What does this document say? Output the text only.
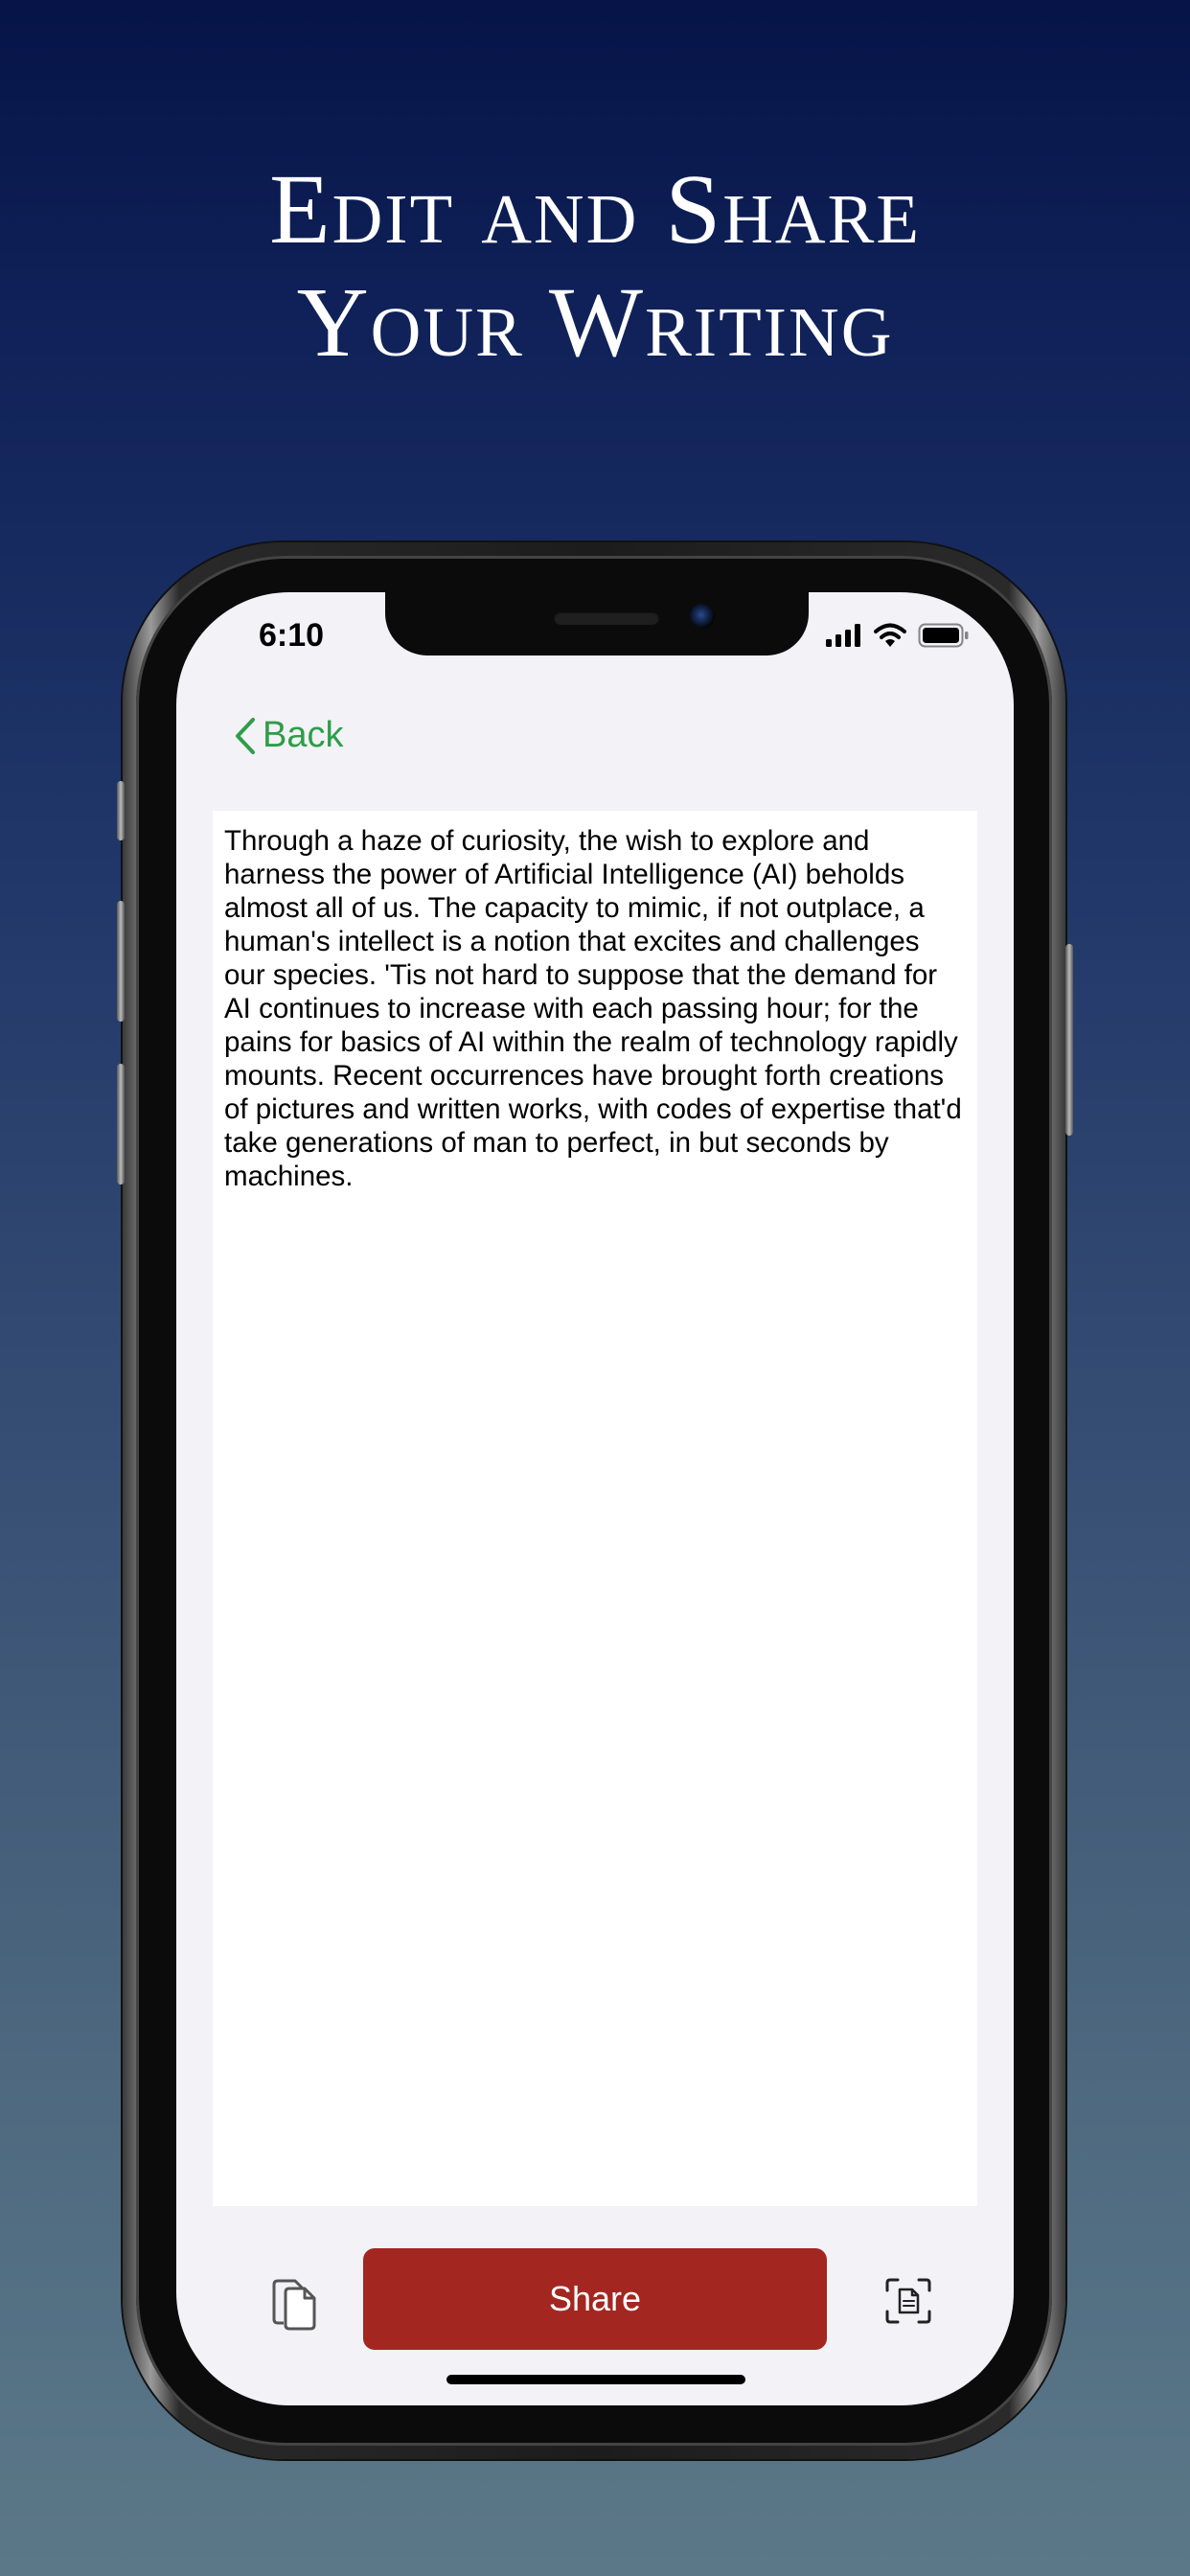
Edit and Share
Your Writing
6:10
Back
Through a haze of curiosity, the wish to explore and harness the power of Artificial Intelligence (AI) beholds almost all of us. The capacity to mimic, if not outplace, a human's intellect is a notion that excites and challenges our species. 'Tis not hard to suppose that the demand for AI continues to increase with each passing hour; for the pains for basics of AI within the realm of technology rapidly mounts. Recent occurrences have brought forth creations of pictures and written works, with codes of expertise that'd take generations of man to perfect, in but seconds by machines.
Share
